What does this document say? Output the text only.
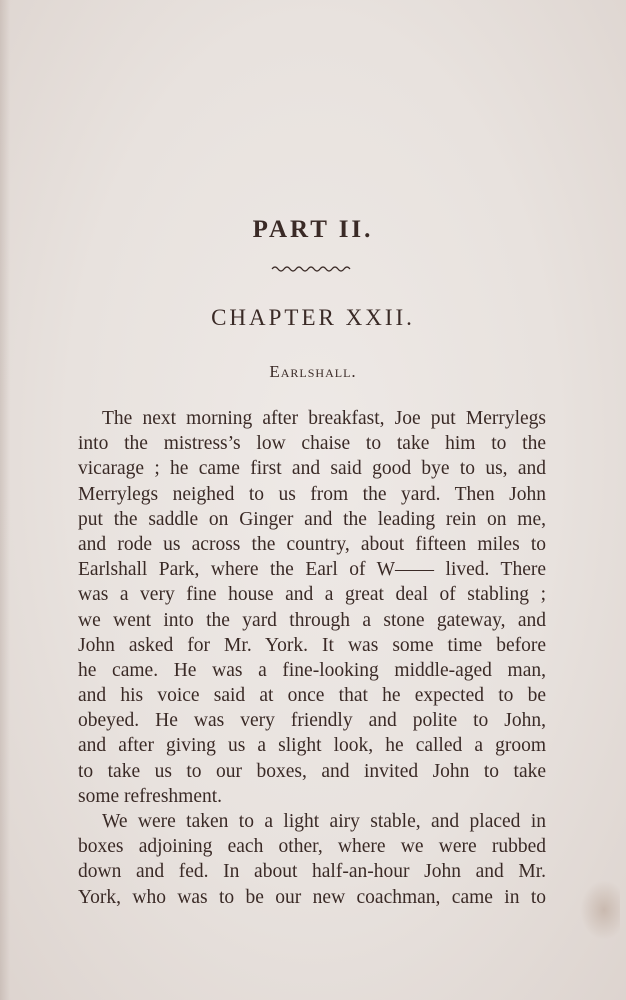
PART II.
CHAPTER XXII.
Earlshall.
The next morning after breakfast, Joe put Merrylegs
into the mistress’s low chaise to take him to the
vicarage ; he came first and said good bye to us, and
Merrylegs neighed to us from the yard. Then John
put the saddle on Ginger and the leading rein on me,
and rode us across the country, about fifteen miles to
Earlshall Park, where the Earl of W—— lived. There
was a very fine house and a great deal of stabling ;
we went into the yard through a stone gateway, and
John asked for Mr. York. It was some time before
he came. He was a fine-looking middle-aged man,
and his voice said at once that he expected to be
obeyed. He was very friendly and polite to John,
and after giving us a slight look, he called a groom
to take us to our boxes, and invited John to take
some refreshment.
We were taken to a light airy stable, and placed in
boxes adjoining each other, where we were rubbed
down and fed. In about half-an-hour John and Mr.
York, who was to be our new coachman, came in to
